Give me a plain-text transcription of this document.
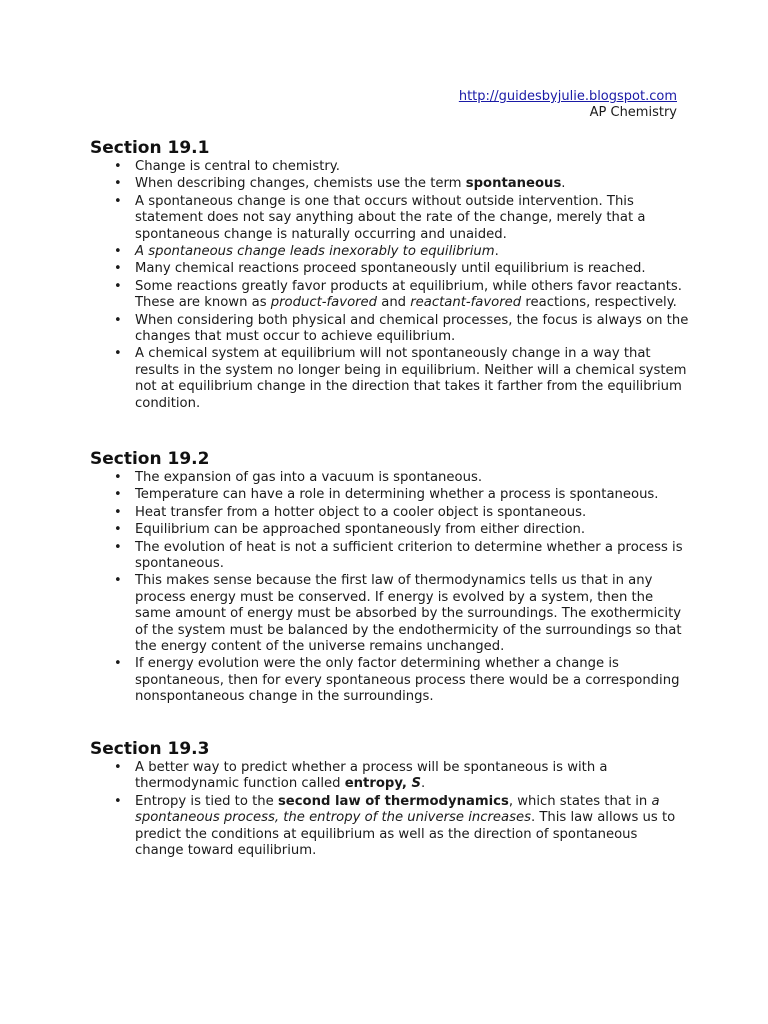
http://guidesbyjulie.blogspot.com
AP Chemistry
Section 19.1
• Change is central to chemistry.
• When describing changes, chemists use the term spontaneous.
• A spontaneous change is one that occurs without outside intervention. This statement does not say anything about the rate of the change, merely that a spontaneous change is naturally occurring and unaided.
• A spontaneous change leads inexorably to equilibrium.
• Many chemical reactions proceed spontaneously until equilibrium is reached.
• Some reactions greatly favor products at equilibrium, while others favor reactants. These are known as product-favored and reactant-favored reactions, respectively.
• When considering both physical and chemical processes, the focus is always on the changes that must occur to achieve equilibrium.
• A chemical system at equilibrium will not spontaneously change in a way that results in the system no longer being in equilibrium. Neither will a chemical system not at equilibrium change in the direction that takes it farther from the equilibrium condition.
Section 19.2
• The expansion of gas into a vacuum is spontaneous.
• Temperature can have a role in determining whether a process is spontaneous.
• Heat transfer from a hotter object to a cooler object is spontaneous.
• Equilibrium can be approached spontaneously from either direction.
• The evolution of heat is not a sufficient criterion to determine whether a process is spontaneous.
• This makes sense because the first law of thermodynamics tells us that in any process energy must be conserved. If energy is evolved by a system, then the same amount of energy must be absorbed by the surroundings. The exothermicity of the system must be balanced by the endothermicity of the surroundings so that the energy content of the universe remains unchanged.
• If energy evolution were the only factor determining whether a change is spontaneous, then for every spontaneous process there would be a corresponding nonspontaneous change in the surroundings.
Section 19.3
• A better way to predict whether a process will be spontaneous is with a thermodynamic function called entropy, S.
• Entropy is tied to the second law of thermodynamics, which states that in a spontaneous process, the entropy of the universe increases. This law allows us to predict the conditions at equilibrium as well as the direction of spontaneous change toward equilibrium.
